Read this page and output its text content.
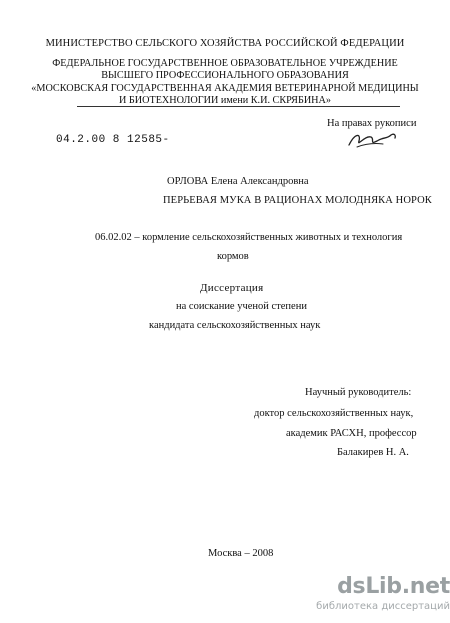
МИНИСТЕРСТВО СЕЛЬСКОГО ХОЗЯЙСТВА РОССИЙСКОЙ ФЕДЕРАЦИИ
ФЕДЕРАЛЬНОЕ ГОСУДАРСТВЕННОЕ ОБРАЗОВАТЕЛЬНОЕ УЧРЕЖДЕНИЕ
ВЫСШЕГО ПРОФЕССИОНАЛЬНОГО ОБРАЗОВАНИЯ
«МОСКОВСКАЯ ГОСУДАРСТВЕННАЯ АКАДЕМИЯ ВЕТЕРИНАРНОЙ МЕДИЦИНЫ
И БИОТЕХНОЛОГИИ имени К.И. СКРЯБИНА»
На правах рукописи
04.2.00 8 12585-
ОРЛОВА Елена Александровна
ПЕРЬЕВАЯ МУКА В РАЦИОНАХ МОЛОДНЯКА НОРОК
06.02.02 – кормление сельскохозяйственных животных и технология
кормов
Диссертация
на соискание ученой степени
кандидата сельскохозяйственных наук
Научный руководитель:
доктор сельскохозяйственных наук,
академик РАСХН, профессор
Балакирев Н. А.
Москва – 2008
dsLib.net
библиотека диссертаций
